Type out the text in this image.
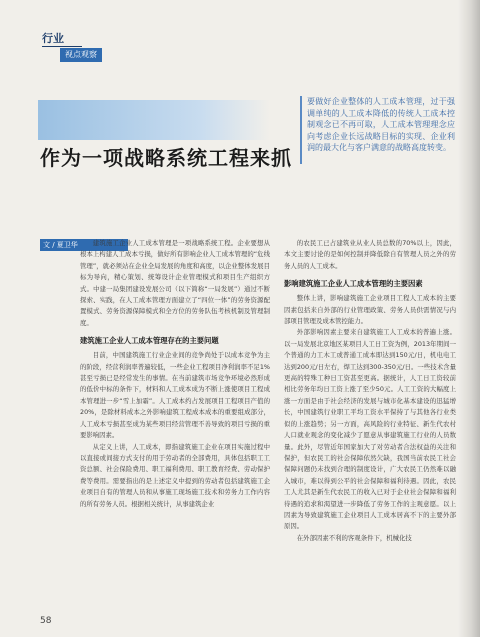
行业
视点观察
作为一项战略系统工程来抓
要做好企业整体的人工成本管理，过于强调单纯的人工成本降低的传统人工成本控制观念已不再可取，人工成本管理理念应向考虑企业长远战略目标的实现、企业利润的最大化与客户满意的战略高度转变。
文 / 夏卫华	建筑施工企业人工成本管理是一项战略系统工程。企业要想从根本上构建人工成本亏损，做好所有影响企业人工成本管理的“危线管理”，就必须站在企业全局发展的角度和高度，以企业整体发展目标为导向，精心策划、统筹设计企业管理模式和项目生产组织方式。中建一局集团建设发展公司（以下简称“一局发展”）通过不断探索、实践，在人工成本管理方面建立了“四位一体”的劳务资源配置模式、劳务资源保障模式和全方位的劳务队伍考核机制及管理制度。

建筑施工企业人工成本管理存在的主要问题

目前，中国建筑施工行业企业间的竞争尚处于以成本竞争为主的阶段，经营利润率普遍较低，一些企业工程项目净利润率不足1%甚至亏损已是经常发生的事情。在当前建筑市场竞争环境必然形成的低价中标的条件下，材料和人工成本成为不断上涨使项目工程成本管理进一步“雪上加霜”。人工成本约占发展项目工程项目产值的20%，是除材料成本之外影响建筑工程成本成本的重要组成部分，人工成本亏损甚至成为某些项目经营管理不善导致的项目亏损的重要影响因素。

从定义上讲，人工成本，即指建筑施工企业在项目实施过程中以直接或间接方式支付的用于劳动者的全部费用，具体包括职工工资总额、社会保险费用、职工福利费用、职工教育经费、劳动保护费等费用。需要指出的是上述定义中提到的劳动者包括建筑施工企业项目自有的管理人员和从事施工现场施工技术和劳务力工作内容的所有劳务人员。根据相关统计，从事建筑企业

的农民工已占建筑业从业人员总数的70%以上，因此，本文主要讨论的是如何控制并降低除自有管理人员之外的劳务人员的人工成本。

影响建筑施工企业人工成本管理的主要因素

整体上讲，影响建筑施工企业项目工程人工成本的主要因素包括来自外部的行业管理政策、劳务人员供需情况与内部项目管理及成本管控能力。

外部影响因素主要来自建筑施工人工成本的普遍上涨。以一局发展北京地区某项目人工日工资为例，2013年期间一个普通的力工木工或普通工成本即达到150元/日，机电电工达到200元/日左右，焊工达到300-350元/日。一些技术含量更高的特殊工种日工资甚至更高。据统计，人工日工资较前相比劳务年均日工资上涨了至少50元。人工工资的大幅度上涨一方面是由于社会经济的发展与城市化基本建设的迅猛增长，中国建筑行业职工平均工资水平保持了与其他各行业类似的上涨趋势；另一方面，高风险的行业特征、新生代农村人口就业观念的变化减少了愿意从事建筑施工行业的人员数量。此外，尽管近年国家加大了对劳动者合法权益的关注和保护，但农民工的社会保障依然欠缺，我国当前农民工社会保障问题仍未找到合理的制度设计，广大农民工仍然难以融入城市，难以得到公平的社会保障和福利待遇。因此，农民工人尤其是新生代农民工的收入已对于企业社会保障和福利待遇的追求和渴望进一步降低了劳务工作的主观意愿。以上因素为导致建筑施工企业项目人工成本居高不下的主要外部原因。

在外部因素不利的客观条件下，机械化技

58
